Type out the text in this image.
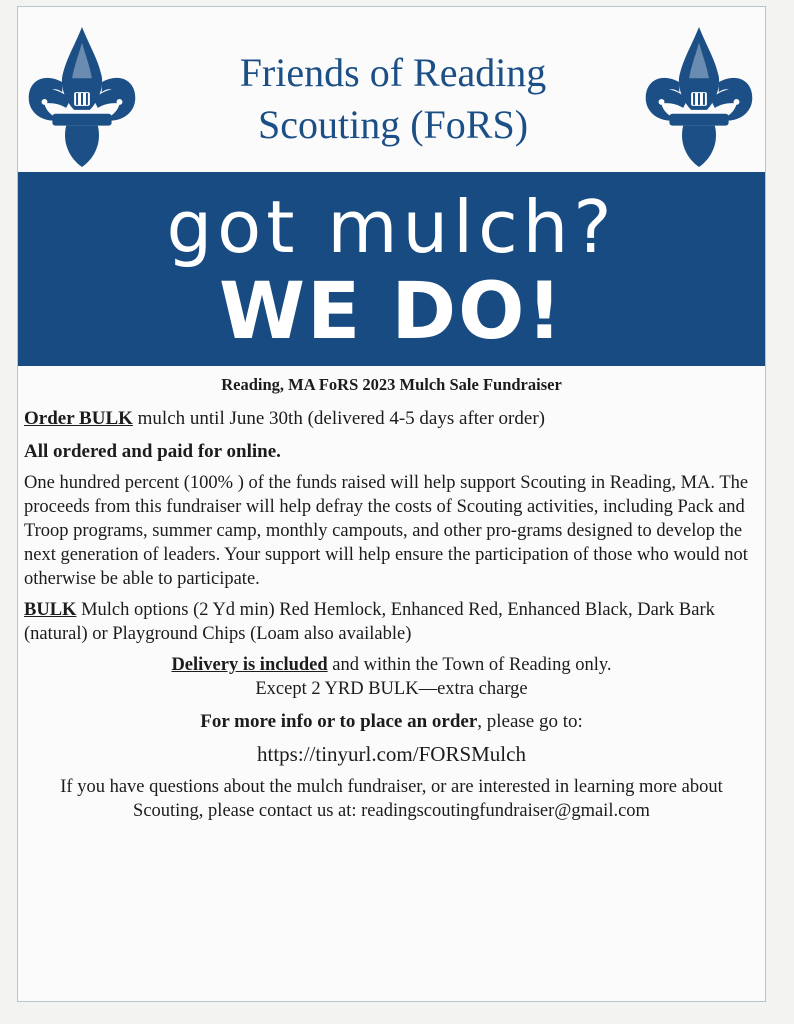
Friends of Reading
Scouting (FoRS)
got mulch?
WE DO!

Reading, MA FoRS 2023 Mulch Sale Fundraiser

Order BULK mulch until June 30th (delivered 4-5 days after order)

All ordered and paid for online.

One hundred percent (100% ) of the funds raised will help support Scouting in Reading, MA. The proceeds from this fundraiser will help defray the costs of Scouting activities, including Pack and Troop programs, summer camp, monthly campouts, and other pro-grams designed to develop the next generation of leaders. Your support will help ensure the participation of those who would not otherwise be able to participate.

BULK Mulch options (2 Yd min) Red Hemlock, Enhanced Red, Enhanced Black, Dark Bark (natural) or Playground Chips (Loam also available)

Delivery is included and within the Town of Reading only.
Except 2 YRD BULK—extra charge

For more info or to place an order, please go to:

https://tinyurl.com/FORSMulch

If you have questions about the mulch fundraiser, or are interested in learning more about Scouting, please contact us at: readingscoutingfundraiser@gmail.com
